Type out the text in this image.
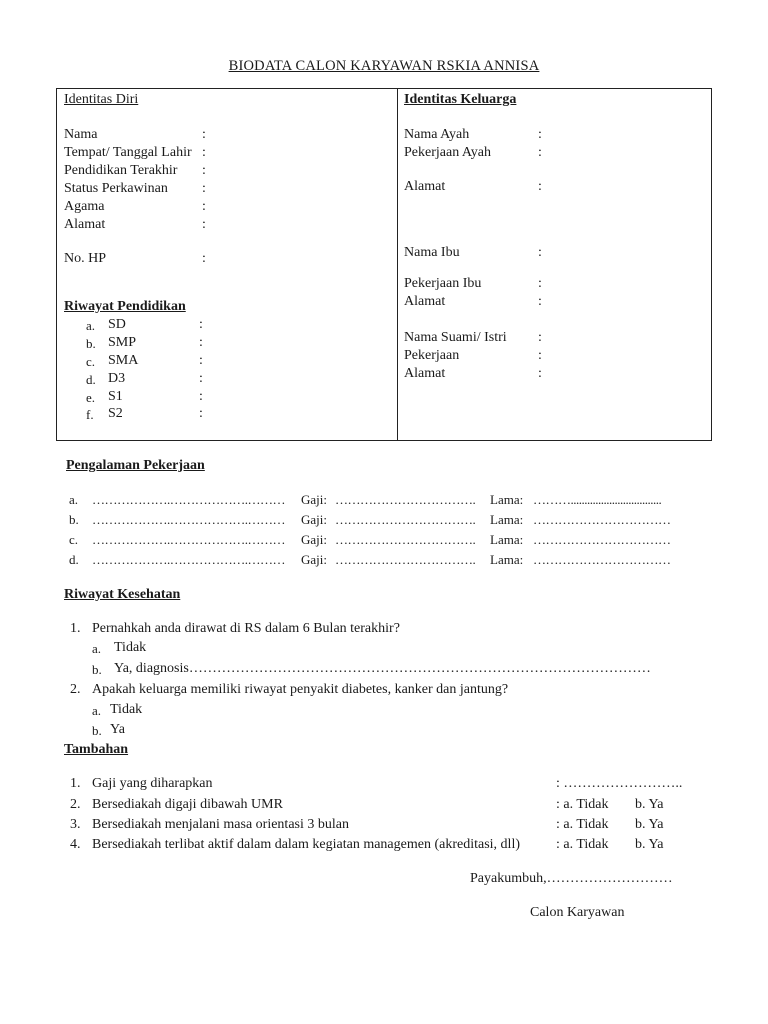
BIODATA CALON KARYAWAN RSKIA ANNISA
Identitas Diri
Nama	:
Tempat/ Tanggal Lahir :
Pendidikan Terakhir :
Status Perkawinan :
Agama	:
Alamat	:
No. HP	:
Riwayat Pendidikan
a. SD	:
b. SMP	:
c. SMA	:
d. D3	:
e. S1	:
f. S2	:
Identitas Keluarga
Nama Ayah	:
Pekerjaan Ayah	:
Alamat	:
Nama Ibu	:
Pekerjaan Ibu	:
Alamat	:
Nama Suami/ Istri :
Pekerjaan	:
Alamat	:
Pengalaman Pekerjaan
a. ……………….……………….……… Gaji: ……………………………. Lama: ……….................................
b. ……………….……………….……… Gaji: ……………………………. Lama: ……………………………
c. ……………….……………….……… Gaji: ……………………………. Lama: ……………………………
d. ……………….……………….……… Gaji: ……………………………. Lama: ……………………………
Riwayat Kesehatan
1. Pernahkah anda dirawat di RS dalam 6 Bulan terakhir?
a. Tidak
b. Ya, diagnosis………………………………………………………………………………………
2. Apakah keluarga memiliki riwayat penyakit diabetes, kanker dan jantung?
a. Tidak
b. Ya
Tambahan
1. Gaji yang diharapkan	: ……………………..
2. Bersediakah digaji dibawah UMR	: a. Tidak b. Ya
3. Bersediakah menjalani masa orientasi 3 bulan	: a. Tidak b. Ya
4. Bersediakah terlibat aktif dalam dalam kegiatan managemen (akreditasi, dll)	: a. Tidak b. Ya
Payakumbuh,………………………
Calon Karyawan
